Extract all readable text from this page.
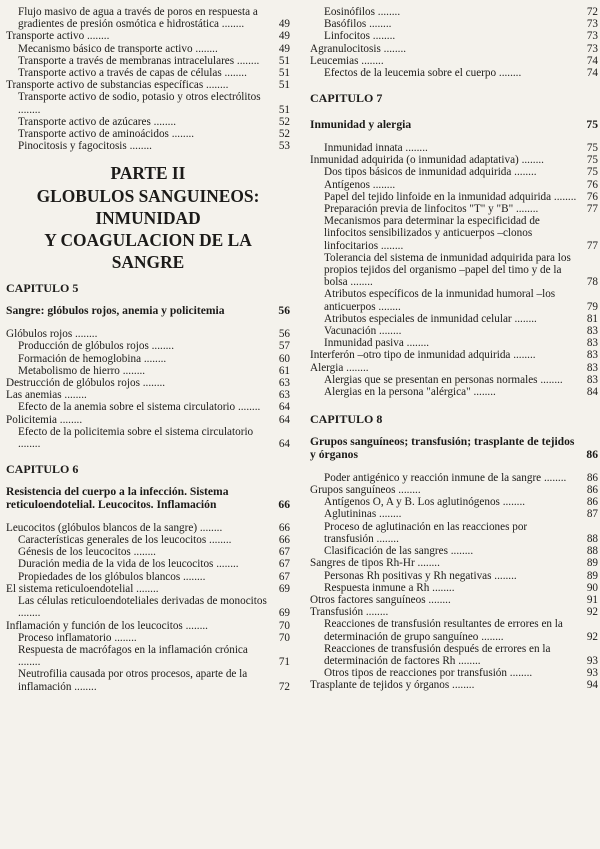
Flujo masivo de agua a través de poros en respuesta a gradientes de presión osmótica e hidrostática ........	49
Transporte activo ........	49
Mecanismo básico de transporte activo ........	49
Transporte a través de membranas intracelulares ........	51
Transporte activo a través de capas de células ........	51
Transporte activo de substancias específicas ........	51
Transporte activo de sodio, potasio y otros electrólitos ........	51
Transporte activo de azúcares ........	52
Transporte activo de aminoácidos ........	52
Pinocitosis y fagocitosis ........	53
PARTE II
GLOBULOS SANGUINEOS:
INMUNIDAD
Y COAGULACION DE LA
SANGRE
CAPITULO 5
Sangre: glóbulos rojos, anemia y policitemia	56
Glóbulos rojos ........	56
Producción de glóbulos rojos ........	57
Formación de hemoglobina ........	60
Metabolismo de hierro ........	61
Destrucción de glóbulos rojos ........	63
Las anemias ........	63
Efecto de la anemia sobre el sistema circulatorio ........	64
Policitemia ........	64
Efecto de la policitemia sobre el sistema circulatorio ........	64
CAPITULO 6
Resistencia del cuerpo a la infección. Sistema reticuloendotelial. Leucocitos. Inflamación	66
Leucocitos (glóbulos blancos de la sangre) ........	66
Características generales de los leucocitos ........	66
Génesis de los leucocitos ........	67
Duración media de la vida de los leucocitos ........	67
Propiedades de los glóbulos blancos ........	67
El sistema reticuloendotelial ........	69
Las células reticuloendoteliales derivadas de monocitos ........	69
Inflamación y función de los leucocitos ........	70
Proceso inflamatorio ........	70
Respuesta de macrófagos en la inflamación crónica ........	71
Neutrofilia causada por otros procesos, aparte de la inflamación ........	72
Eosinófilos ........	72
Basófilos ........	73
Linfocitos ........	73
Agranulocitosis ........	73
Leucemias ........	74
Efectos de la leucemia sobre el cuerpo ........	74
CAPITULO 7
Inmunidad y alergia	75
Inmunidad innata ........	75
Inmunidad adquirida (o inmunidad adaptativa) ........	75
Dos tipos básicos de inmunidad adquirida ........	75
Antígenos ........	76
Papel del tejido linfoide en la inmunidad adquirida ........ 76
Preparación previa de linfocitos "T" y "B" ........	77
Mecanismos para determinar la especificidad de linfocitos sensibilizados y anticuerpos –clonos linfocitarios ........	77
Tolerancia del sistema de inmunidad adquirida para los propios tejidos del organismo –papel del timo y de la bolsa ........	78
Atributos específicos de la inmunidad humoral –los anticuerpos ........	79
Atributos especiales de inmunidad celular ........	81
Vacunación ........	83
Inmunidad pasiva ........	83
Interferón –otro tipo de inmunidad adquirida ........	83
Alergia ........	83
Alergias que se presentan en personas normales ........	83
Alergias en la persona "alérgica" ........	84
CAPITULO 8
Grupos sanguíneos; transfusión; trasplante de tejidos y órganos	86
Poder antigénico y reacción inmune de la sangre ........	86
Grupos sanguíneos ........	86
Antígenos O, A y B. Los aglutinógenos ........	86
Aglutininas ........	87
Proceso de aglutinación en las reacciones por transfusión ........	88
Clasificación de las sangres ........	88
Sangres de tipos Rh-Hr ........	89
Personas Rh positivas y Rh negativas ........	89
Respuesta inmune a Rh ........	90
Otros factores sanguíneos ........	91
Transfusión ........	92
Reacciones de transfusión resultantes de errores en la determinación de grupo sanguíneo ........	92
Reacciones de transfusión después de errores en la determinación de factores Rh ........	93
Otros tipos de reacciones por transfusión ........	93
Trasplante de tejidos y órganos ........	94
